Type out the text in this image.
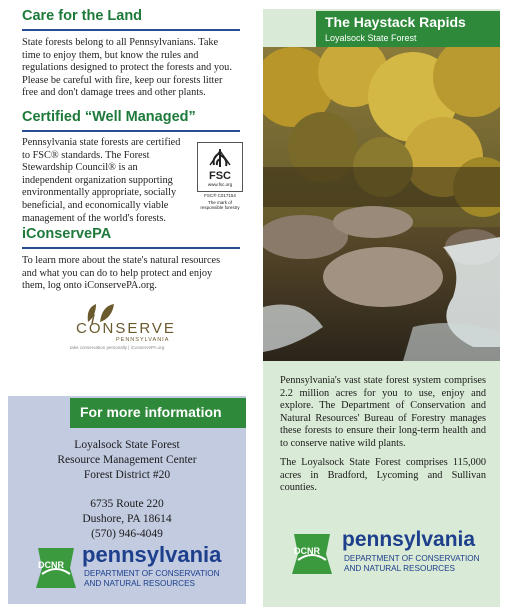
Care for the Land
State forests belong to all Pennsylvanians. Take time to enjoy them, but know the rules and regulations designed to protect the forests and you. Please be careful with fire, keep our forests litter free and don't damage trees and other plants.
Certified “Well Managed”
Pennsylvania state forests are certified to FSC® standards. The Forest Stewardship Council® is an independent organization supporting environmentally appropriate, socially beneficial, and economically viable management of the world's forests.
FSC
www.fsc.org
FSC® C017154
The mark of responsible forestry
iConservePA
To learn more about the state's natural resources and what you can do to help protect and enjoy them, log onto iConservePA.org.
CONSERVE
PENNSYLVANIA
take conservation personally | iConservePA.org
For more information
Loyalsock State Forest
Resource Management Center
Forest District #20
6735 Route 220
Dushore, PA 18614
(570) 946-4049
DCNR pennsylvania
DEPARTMENT OF CONSERVATION
AND NATURAL RESOURCES
The Haystack Rapids
Loyalsock State Forest
Pennsylvania's vast state forest system comprises 2.2 million acres for you to use, enjoy and explore. The Department of Conservation and Natural Resources' Bureau of Forestry manages these forests to ensure their long-term health and to conserve native wild plants.
The Loyalsock State Forest comprises 115,000 acres in Bradford, Lycoming and Sullivan counties.
DCNR pennsylvania
DEPARTMENT OF CONSERVATION
AND NATURAL RESOURCES
